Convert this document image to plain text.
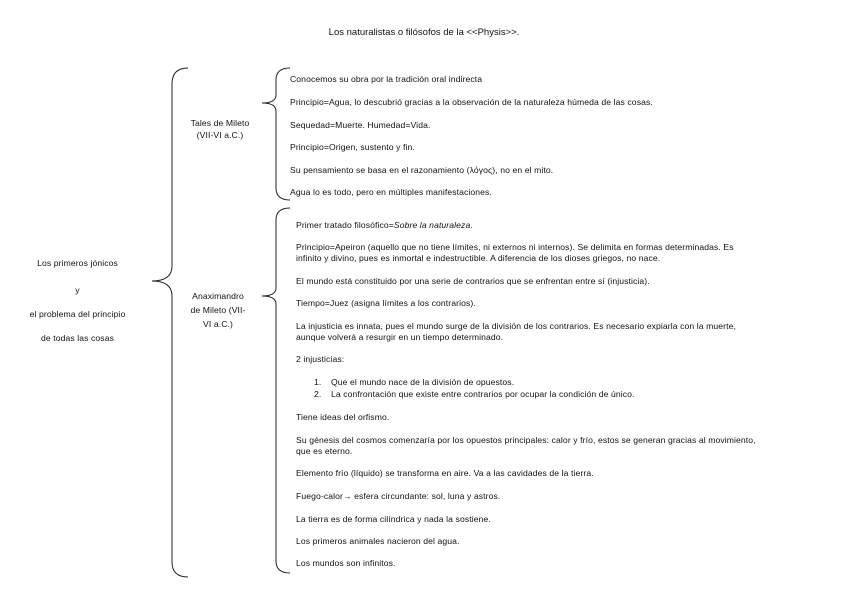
Los naturalistas o filósofos de la <<Physis>>.
Los primeros jónicos
y
el problema del principio
de todas las cosas
Tales de Mileto
(VII-VI a.C.)
Conocemos su obra por la tradición oral indirecta
Principio=Agua, lo descubrió gracias a la observación de la naturaleza húmeda de las cosas.
Sequedad=Muerte. Humedad=Vida.
Principio=Origen, sustento y fin.
Su pensamiento se basa en el razonamiento (λόγος), no en el mito.
Agua lo es todo, pero en múltiples manifestaciones.
Anaximandro
de Mileto (VII-
VI a.C.)
Primer tratado filosófico=Sobre la naturaleza.
Principio=Apeiron (aquello que no tiene límites, ni externos ni internos). Se delimita en formas determinadas. Es
infinito y divino, pues es inmortal e indestructible. A diferencia de los dioses griegos, no nace.
El mundo está constituido por una serie de contrarios que se enfrentan entre sí (injusticia).
Tiempo=Juez (asigna límites a los contrarios).
La injusticia es innata, pues el mundo surge de la división de los contrarios. Es necesario expiarla con la muerte,
aunque volverá a resurgir en un tiempo determinado.
2 injusticias:
1. Que el mundo nace de la división de opuestos.
2. La confrontación que existe entre contrarios por ocupar la condición de único.
Tiene ideas del orfismo.
Su génesis del cosmos comenzaría por los opuestos principales: calor y frío, estos se generan gracias al movimiento,
que es eterno.
Elemento frío (líquido) se transforma en aire. Va a las cavidades de la tierra.
Fuego-calor→ esfera circundante: sol, luna y astros.
La tierra es de forma cilíndrica y nada la sostiene.
Los primeros animales nacieron del agua.
Los mundos son infinitos.
